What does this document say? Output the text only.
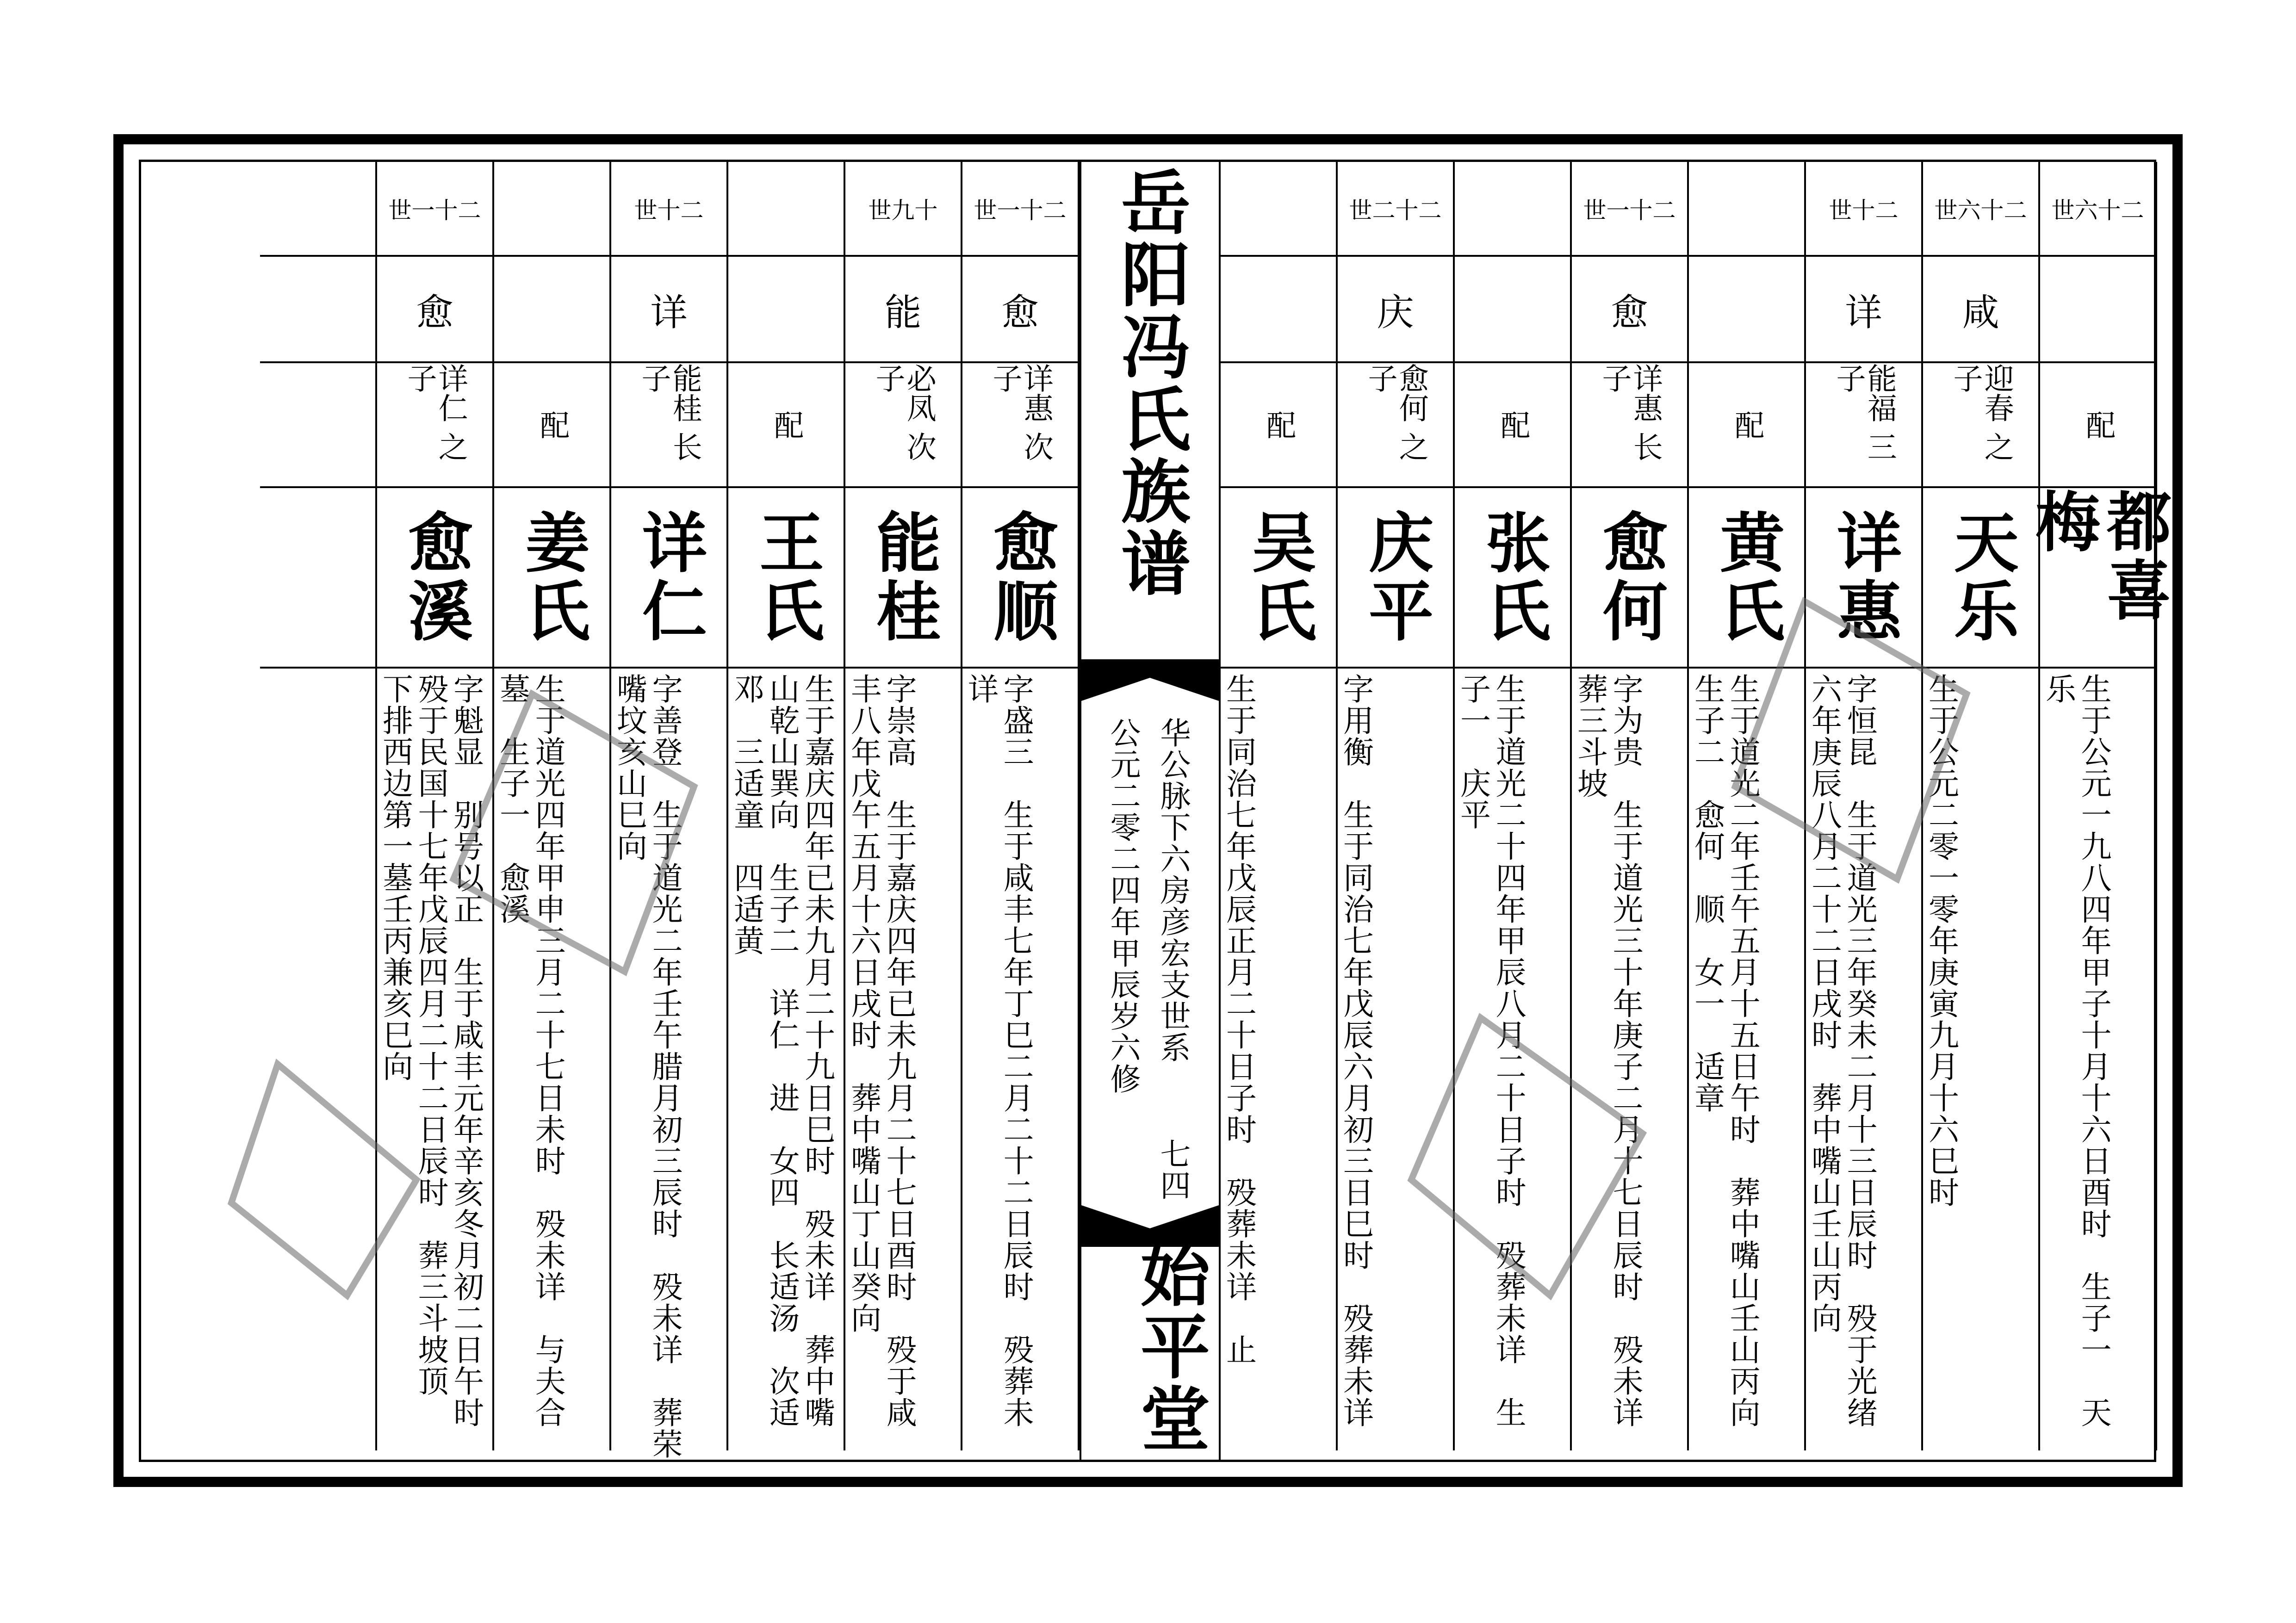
世一十二
愈
详惠 次子
愈顺
字盛三　生于咸丰七年丁巳二月二十二日辰时　殁葬未
详
世九十
能
必凤 次子
能桂
字崇高　生于嘉庆四年已未九月二十七日酉时　殁于咸
丰八年戊午五月十六日戌时　葬中嘴山丁山癸向
配
王氏
生于嘉庆四年已未九月二十九日巳时　殁未详　葬中嘴
山乾山巽向　生子二　详仁　进　女四　长适汤　次适
邓　三适童　四适黄
世十二
详
能桂 长子
详仁
字善登　生于道光二年壬午腊月初三辰时　殁未详　葬荣
嘴坟亥山巳向
配
姜氏
生于道光四年甲申三月二十七日未时　殁未详　与夫合
墓　生子一　愈溪
世一十二
愈
详仁 之子
愈溪
字魁显　别号以正　生于咸丰元年辛亥冬月初二日午时
殁于民国十七年戊辰四月二十二日辰时　葬三斗坡顶
下排西边第一墓壬丙兼亥巳向
配
吴氏
生于同治七年戊辰正月二十日子时　殁葬未详　止
世二十二
庆
愈何 之子
庆平
字用衡　生于同治七年戊辰六月初三日巳时　殁葬未详
配
张氏
生于道光二十四年甲辰八月二十日子时　殁葬未详　生
子一　庆平
世一十二
愈
详惠 长子
愈何
字为贵　生于道光三十年庚子二月十七日辰时　殁未详
葬三斗坡
配
黄氏
生于道光二年壬午五月十五日午时　葬中嘴山壬山丙向
生子二　愈何　顺　女一　适章
世十二
详
能福 三子
详惠
字恒昆　生于道光三年癸未二月十三日辰时　殁于光绪
六年庚辰八月二十二日戌时　葬中嘴山壬山丙向
世六十二
咸
迎春 之子
天乐
生于公元二零一零年庚寅九月十六巳时
世六十二
配
都喜梅
生于公元一九八四年甲子十月十六日酉时　生子一　天
乐
岳阳冯氏族谱
华公脉下六房彦宏支世系
公元二零二四年甲辰岁六修
七四
始平堂
